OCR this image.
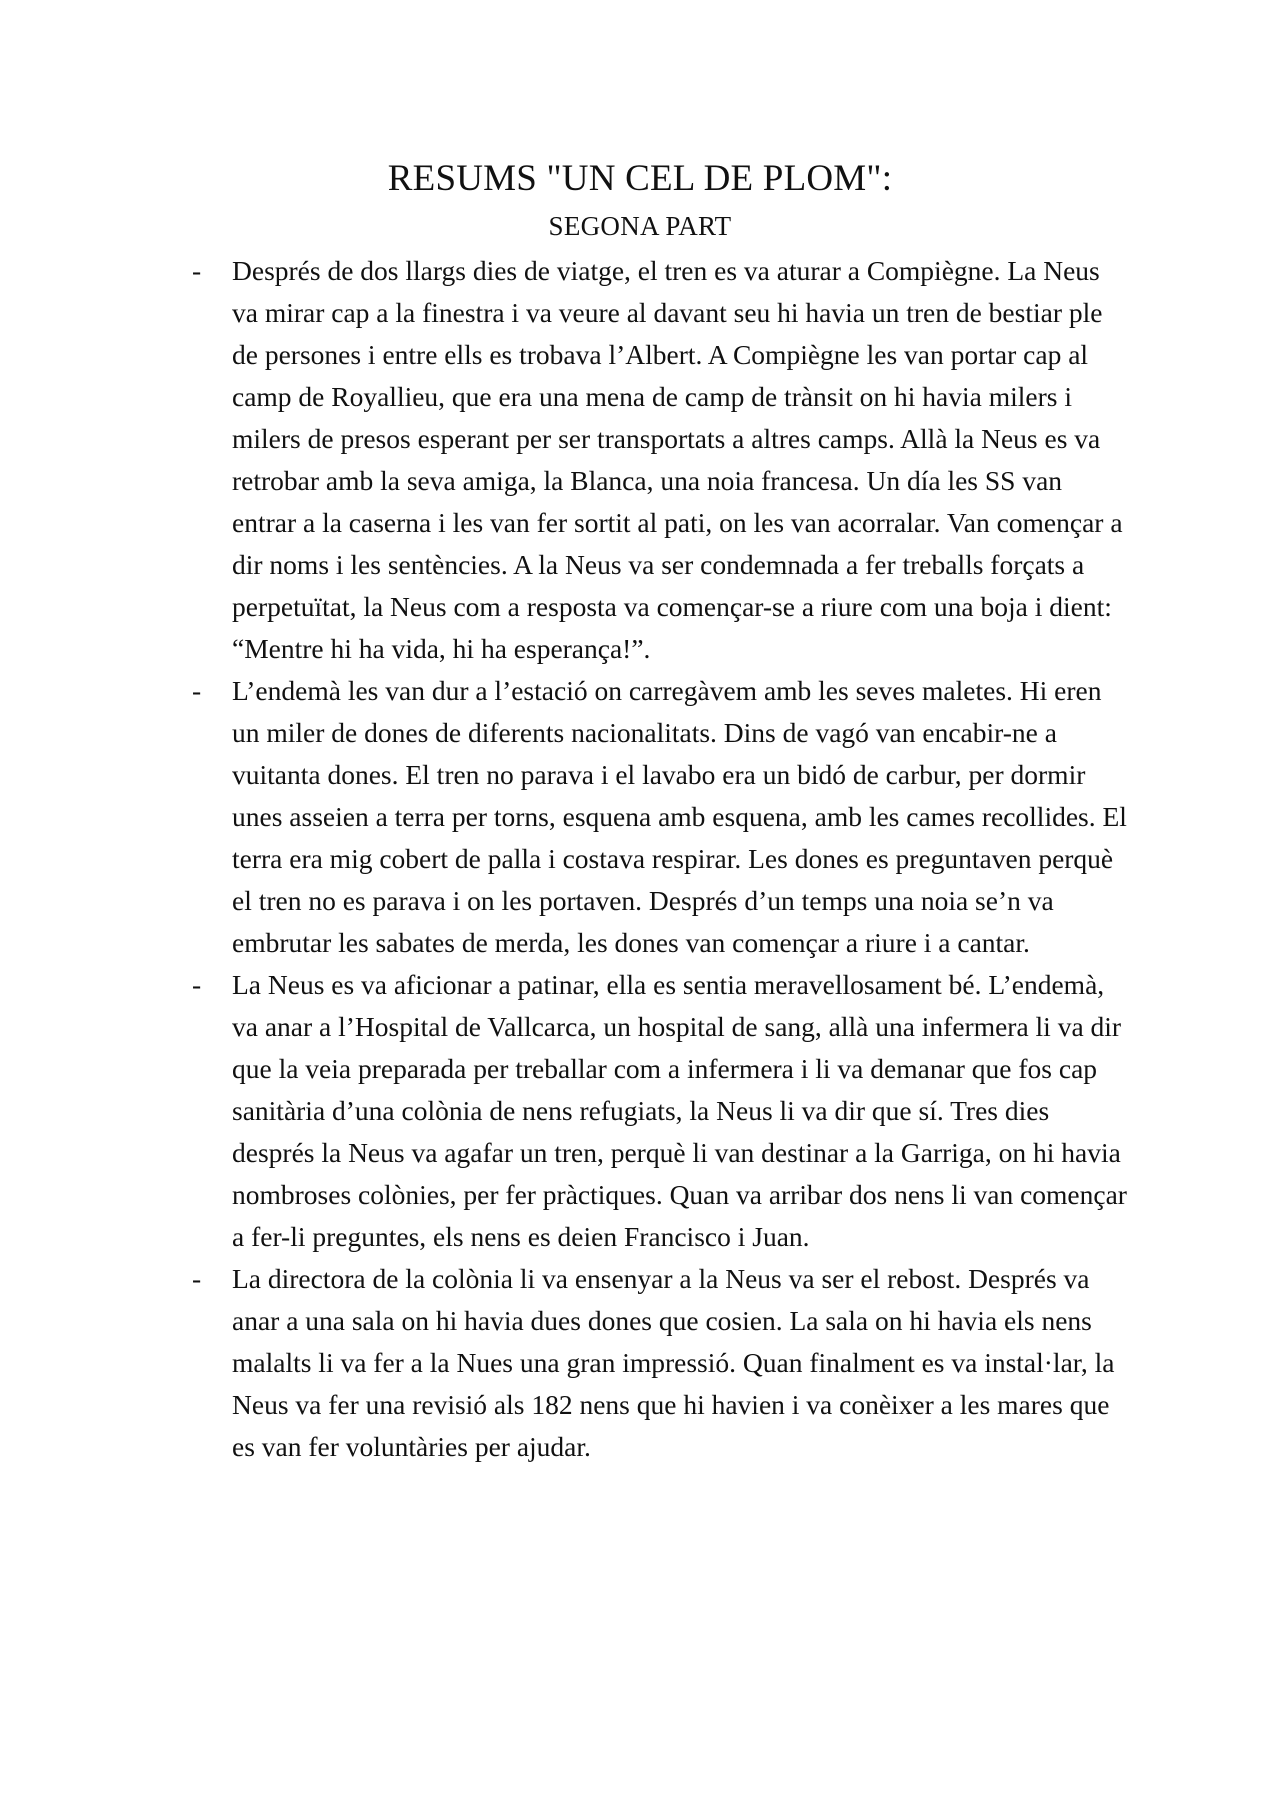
RESUMS "UN CEL DE PLOM":
SEGONA PART
-	Després de dos llargs dies de viatge, el tren es va aturar a Compiègne. La Neus va mirar cap a la finestra i va veure al davant seu hi havia un tren de bestiar ple de persones i entre ells es trobava l’Albert. A Compiègne les van portar cap al camp de Royallieu, que era una mena de camp de trànsit on hi havia milers i milers de presos esperant per ser transportats a altres camps. Allà la Neus es va retrobar amb la seva amiga, la Blanca, una noia francesa. Un día les SS van entrar a la caserna i les van fer sortit al pati, on les van acorralar. Van començar a dir noms i les sentències. A la Neus va ser condemnada a fer treballs forçats a perpetuïtat, la Neus com a resposta va començar-se a riure com una boja i dient: “Mentre hi ha vida, hi ha esperança!”.
-	L’endemà les van dur a l’estació on carregàvem amb les seves maletes. Hi eren un miler de dones de diferents nacionalitats. Dins de vagó van encabir-ne a vuitanta dones. El tren no parava i el lavabo era un bidó de carbur, per dormir unes asseien a terra per torns, esquena amb esquena, amb les cames recollides. El terra era mig cobert de palla i costava respirar. Les dones es preguntaven perquè el tren no es parava i on les portaven. Després d’un temps una noia se’n va embrutar les sabates de merda, les dones van començar a riure i a cantar.
-	La Neus es va aficionar a patinar, ella es sentia meravellosament bé. L’endemà, va anar a l’Hospital de Vallcarca, un hospital de sang, allà una infermera li va dir que la veia preparada per treballar com a infermera i li va demanar que fos cap sanitària d’una colònia de nens refugiats, la Neus li va dir que sí. Tres dies després la Neus va agafar un tren, perquè li van destinar a la Garriga, on hi havia nombroses colònies, per fer pràctiques. Quan va arribar dos nens li van començar a fer-li preguntes, els nens es deien Francisco i Juan.
-	La directora de la colònia li va ensenyar a la Neus va ser el rebost. Després va anar a una sala on hi havia dues dones que cosien. La sala on hi havia els nens malalts li va fer a la Nues una gran impressió. Quan finalment es va instal·lar, la Neus va fer una revisió als 182 nens que hi havien i va conèixer a les mares que es van fer voluntàries per ajudar.
